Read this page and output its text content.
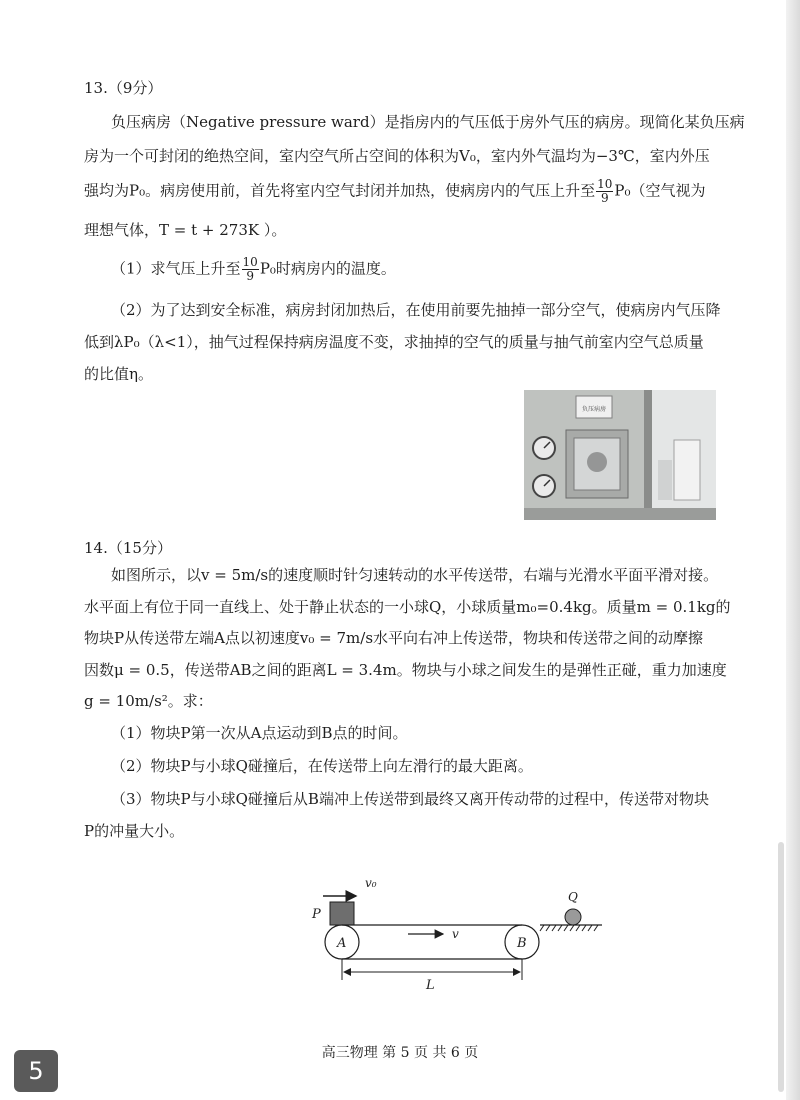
13.（9分）
负压病房（Negative pressure ward）是指房内的气压低于房外气压的病房。现简化某负压病
房为一个可封闭的绝热空间，室内空气所占空间的体积为V₀，室内外气温均为−3℃，室内外压
强均为P₀。病房使用前，首先将室内空气封闭并加热，使病房内的气压上升至 $\frac{10}{9} P_0$（空气视为
理想气体，T = t + 273K ）。
（1）求气压上升至 $\frac{10}{9} P_0$时病房内的温度。
（2）为了达到安全标准，病房封闭加热后，在使用前要先抽掉一部分空气，使病房内气压降
低到λP₀（λ<1），抽气过程保持病房温度不变，求抽掉的空气的质量与抽气前室内空气总质量
的比值η。
负压病房
14.（15分）
如图所示，以v = 5m/s的速度顺时针匀速转动的水平传送带，右端与光滑水平面平滑对接。
水平面上有位于同一直线上、处于静止状态的一小球Q，小球质量m₀=0.4kg。质量m = 0.1kg的
物块P从传送带左端A点以初速度v₀ = 7m/s水平向右冲上传送带，物块和传送带之间的动摩擦
因数μ = 0.5，传送带AB之间的距离L = 3.4m。物块与小球之间发生的是弹性正碰，重力加速度
g = 10m/s²。求：
（1）物块P第一次从A点运动到B点的时间。
（2）物块P与小球Q碰撞后，在传送带上向左滑行的最大距离。
（3）物块P与小球Q碰撞后从B端冲上传送带到最终又离开传动带的过程中，传送带对物块
P的冲量大小。
v₀
P
A	B
v
Q
L
高三物理 第 5 页 共 6 页
5
